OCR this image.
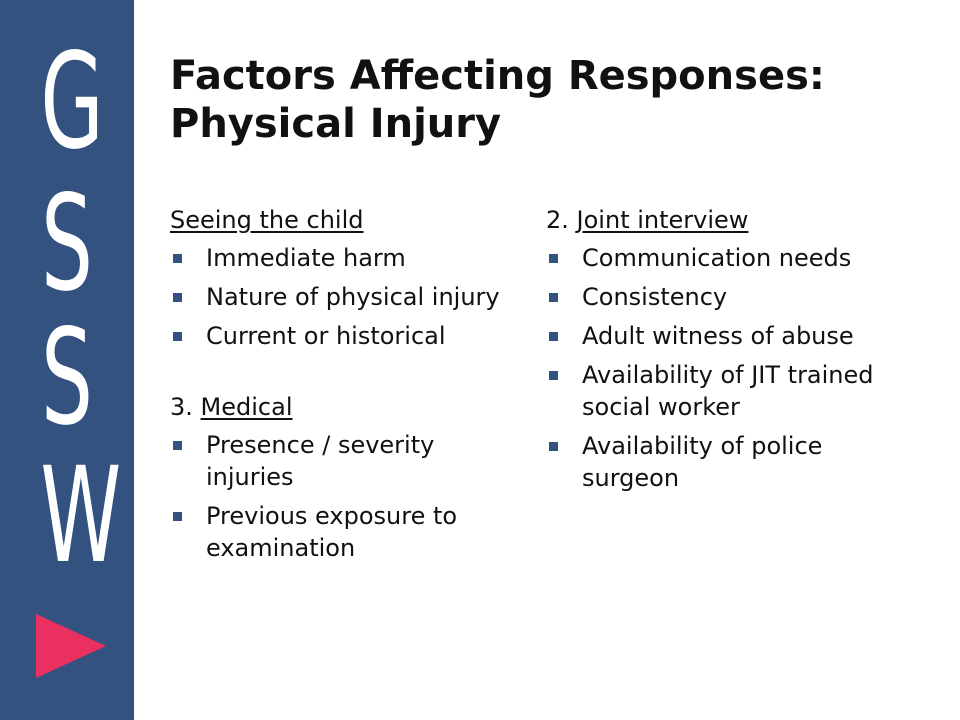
G
S
S
W
Factors Affecting Responses:
Physical Injury
Seeing the child
Immediate harm
Nature of physical injury
Current or historical
3. Medical
Presence / severity injuries
Previous exposure to examination
2. Joint interview
Communication needs
Consistency
Adult witness of abuse
Availability of JIT trained social worker
Availability of police surgeon
